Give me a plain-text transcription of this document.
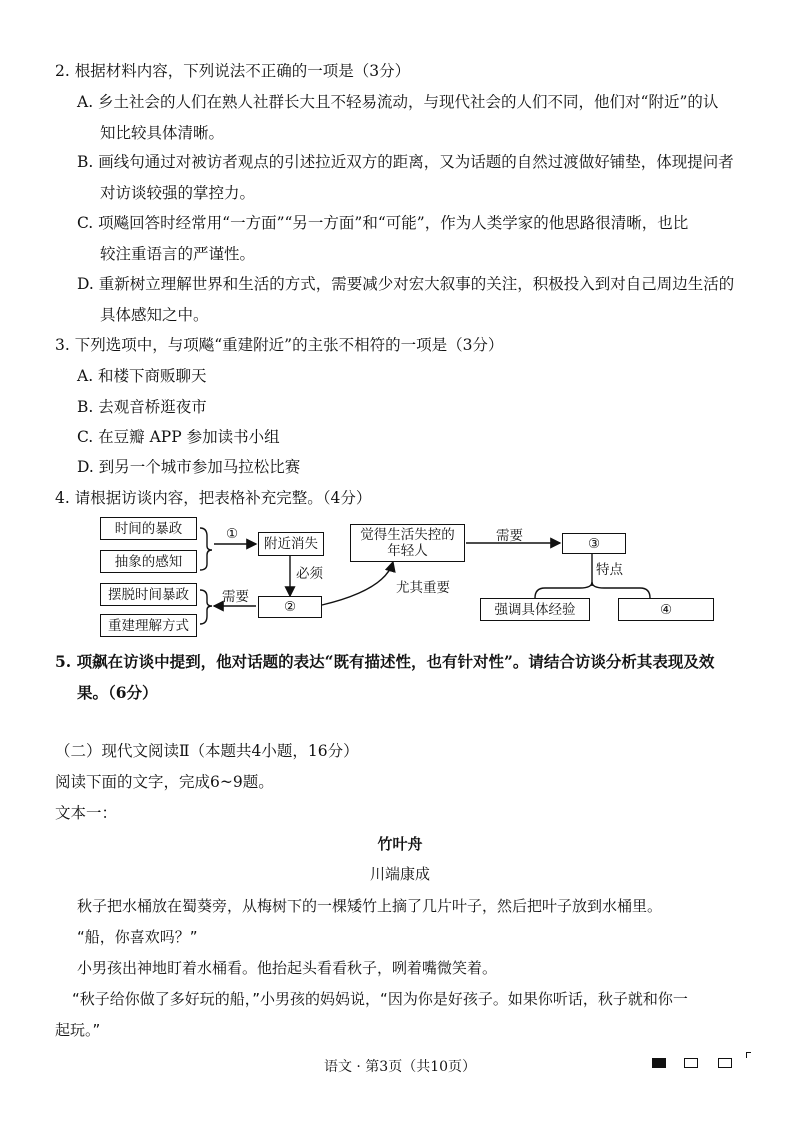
2. 根据材料内容，下列说法不正确的一项是（3分）
A. 乡土社会的人们在熟人社群长大且不轻易流动，与现代社会的人们不同，他们对“附近”的认
知比较具体清晰。
B. 画线句通过对被访者观点的引述拉近双方的距离，又为话题的自然过渡做好铺垫，体现提问者
对访谈较强的掌控力。
C. 项飚回答时经常用“一方面”“另一方面”和“可能”，作为人类学家的他思路很清晰，也比
较注重语言的严谨性。
D. 重新树立理解世界和生活的方式，需要减少对宏大叙事的关注，积极投入到对自己周边生活的
具体感知之中。
3. 下列选项中，与项飚“重建附近”的主张不相符的一项是（3分）
A. 和楼下商贩聊天
B. 去观音桥逛夜市
C. 在豆瓣 APP 参加读书小组
D. 到另一个城市参加马拉松比赛
4. 请根据访谈内容，把表格补充完整。（4分）
时间的暴政
抽象的感知
①
附近消失
必须
②
需要
摆脱时间暴政
重建理解方式
尤其重要
觉得生活失控的
年轻人
需要	③
特点
强调具体经验	④
5. 项飙在访谈中提到，他对话题的表达“既有描述性，也有针对性”。请结合访谈分析其表现及效
果。（6分）
（二）现代文阅读Ⅱ（本题共4小题，16分）
阅读下面的文字，完成6~9题。
文本一：
竹叶舟
川端康成
秋子把水桶放在蜀葵旁，从梅树下的一棵矮竹上摘了几片叶子，然后把叶子放到水桶里。
“船，你喜欢吗？”
小男孩出神地盯着水桶看。他抬起头看看秋子，咧着嘴微笑着。
“秋子给你做了多好玩的船，”小男孩的妈妈说，“因为你是好孩子。如果你听话，秋子就和你一
起玩。”
语文 · 第3页（共10页）
